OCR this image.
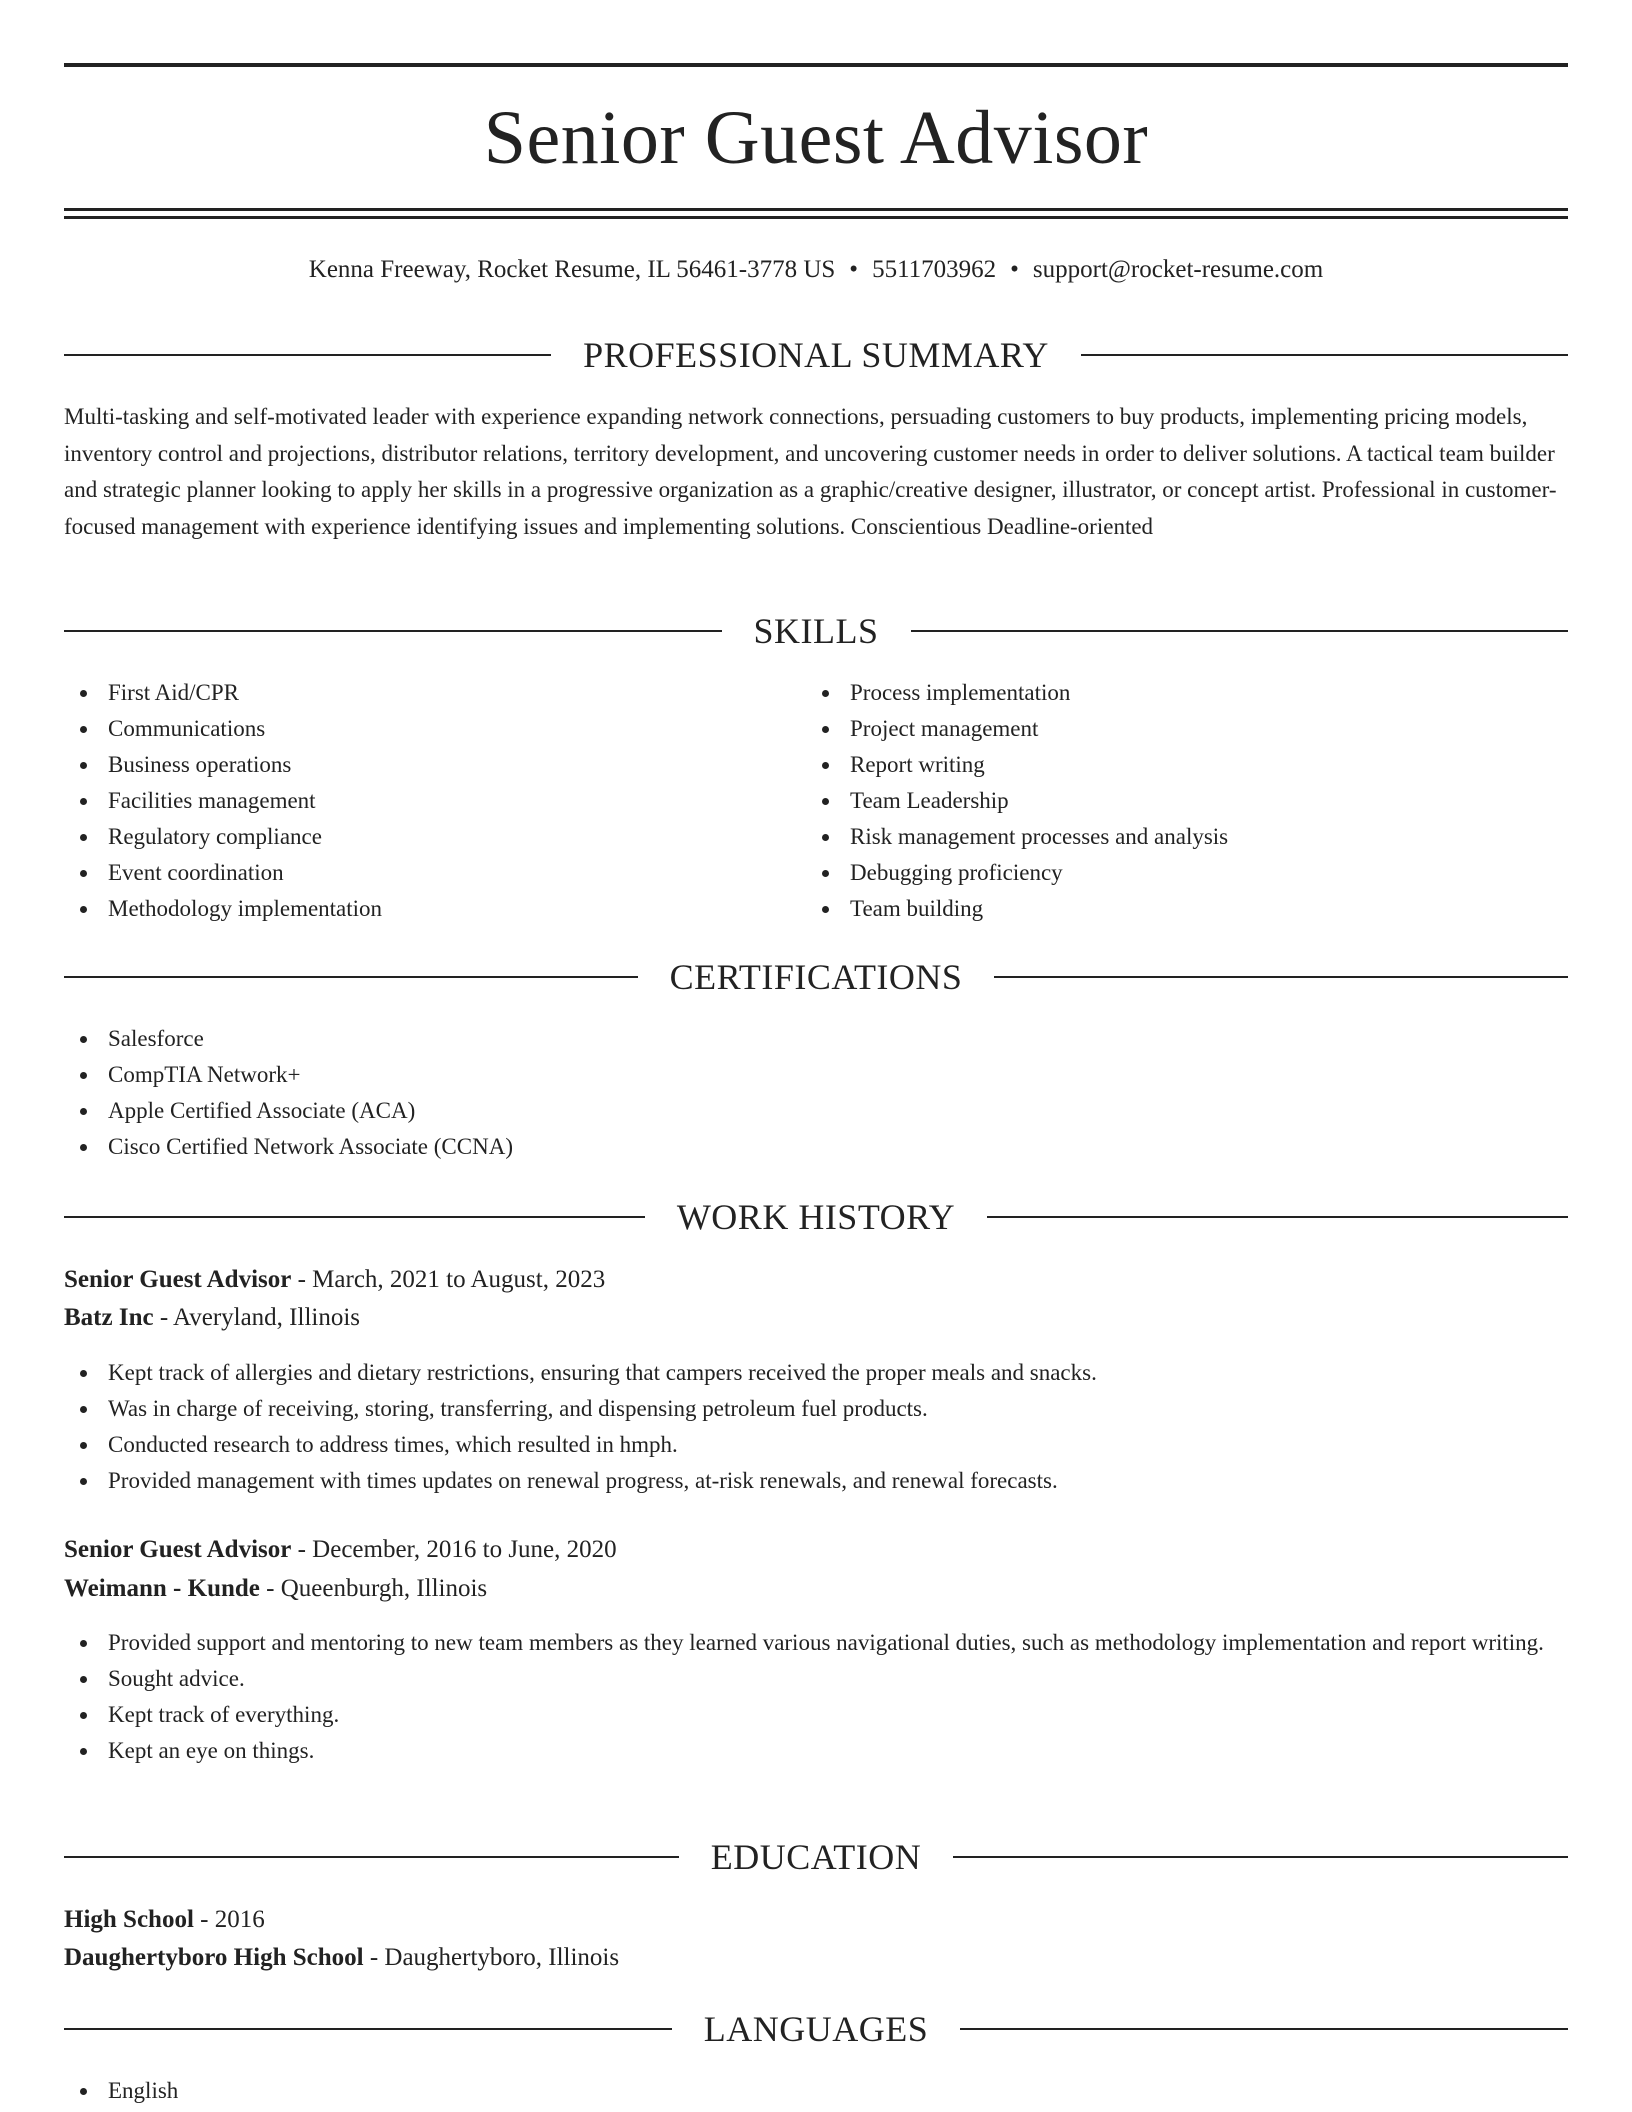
Senior Guest Advisor
Kenna Freeway, Rocket Resume, IL 56461-3778 US • 5511703962 • support@rocket-resume.com
PROFESSIONAL SUMMARY

Multi-tasking and self-motivated leader with experience expanding network connections, persuading customers to buy products, implementing pricing models, inventory control and projections, distributor relations, territory development, and uncovering customer needs in order to deliver solutions. A tactical team builder and strategic planner looking to apply her skills in a progressive organization as a graphic/creative designer, illustrator, or concept artist. Professional in customer-focused management with experience identifying issues and implementing solutions. Conscientious Deadline-oriented

SKILLS
First Aid/CPR
Communications
Business operations
Facilities management
Regulatory compliance
Event coordination
Methodology implementation
Process implementation
Project management
Report writing
Team Leadership
Risk management processes and analysis
Debugging proficiency
Team building
CERTIFICATIONS
Salesforce
CompTIA Network+
Apple Certified Associate (ACA)
Cisco Certified Network Associate (CCNA)
WORK HISTORY
Senior Guest Advisor - March, 2021 to August, 2023
Batz Inc - Averyland, Illinois
Kept track of allergies and dietary restrictions, ensuring that campers received the proper meals and snacks.
Was in charge of receiving, storing, transferring, and dispensing petroleum fuel products.
Conducted research to address times, which resulted in hmph.
Provided management with times updates on renewal progress, at-risk renewals, and renewal forecasts.
Senior Guest Advisor - December, 2016 to June, 2020
Weimann - Kunde - Queenburgh, Illinois
Provided support and mentoring to new team members as they learned various navigational duties, such as methodology implementation and report writing.
Sought advice.
Kept track of everything.
Kept an eye on things.
EDUCATION
High School - 2016
Daughertyboro High School - Daughertyboro, Illinois
LANGUAGES
English
